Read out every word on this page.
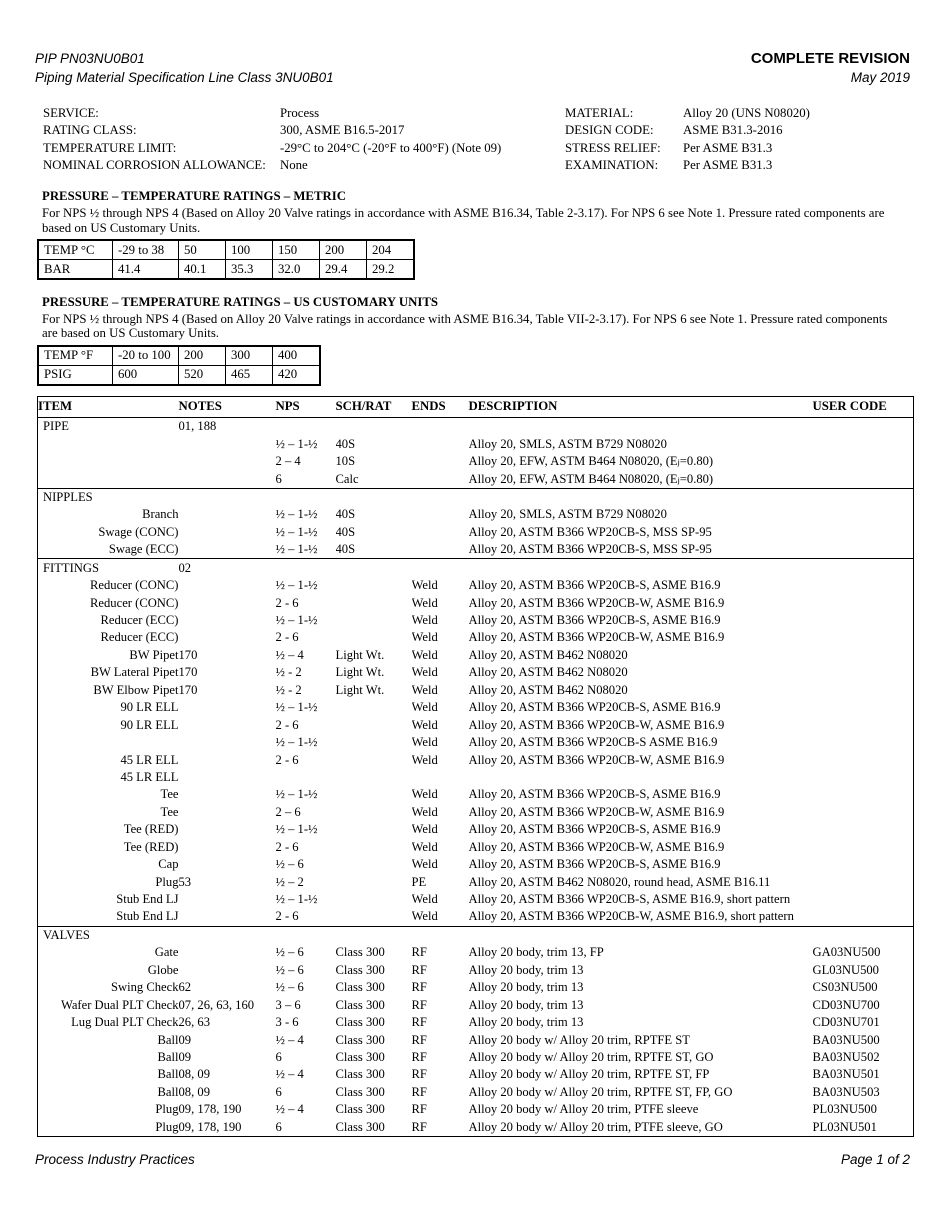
PIP PN03NU0B01
Piping Material Specification Line Class 3NU0B01
COMPLETE REVISION
May 2019
SERVICE:	Process	MATERIAL:	Alloy 20 (UNS N08020)
RATING CLASS:	300, ASME B16.5-2017	DESIGN CODE:	ASME B31.3-2016
TEMPERATURE LIMIT:	-29°C to 204°C (-20°F to 400°F) (Note 09)	STRESS RELIEF:	Per ASME B31.3
NOMINAL CORROSION ALLOWANCE:	None	EXAMINATION:	Per ASME B31.3
PRESSURE – TEMPERATURE RATINGS – METRIC

For NPS ½ through NPS 4 (Based on Alloy 20 Valve ratings in accordance with ASME B16.34, Table 2-3.17). For NPS 6 see Note 1. Pressure rated components are based on US Customary Units.

TEMP °C	-29 to 38	50	100	150	200	204
BAR	41.4	40.1	35.3	32.0	29.4	29.2
PRESSURE – TEMPERATURE RATINGS – US CUSTOMARY UNITS

For NPS ½ through NPS 4 (Based on Alloy 20 Valve ratings in accordance with ASME B16.34, Table VII-2-3.17). For NPS 6 see Note 1. Pressure rated components are based on US Customary Units.

TEMP °F	-20 to 100	200	300	400
PSIG	600	520	465	420
ITEM	NOTES	NPS	SCH/RAT	ENDS	DESCRIPTION	USER CODE
PIPE	01, 188					
		½ – 1-½	40S		Alloy 20, SMLS, ASTM B729 N08020	
		2 – 4	10S		Alloy 20, EFW, ASTM B464 N08020, (Eⱼ=0.80)	
		6	Calc		Alloy 20, EFW, ASTM B464 N08020, (Eⱼ=0.80)	
NIPPLES						
Branch		½ – 1-½	40S		Alloy 20, SMLS, ASTM B729 N08020	
Swage (CONC)		½ – 1-½	40S		Alloy 20, ASTM B366 WP20CB-S, MSS SP-95	
Swage (ECC)		½ – 1-½	40S		Alloy 20, ASTM B366 WP20CB-S, MSS SP-95	
FITTINGS	02					
Reducer (CONC)		½ – 1-½		Weld	Alloy 20, ASTM B366 WP20CB-S, ASME B16.9	
Reducer (CONC)		2 - 6		Weld	Alloy 20, ASTM B366 WP20CB-W, ASME B16.9	
Reducer (ECC)		½ – 1-½		Weld	Alloy 20, ASTM B366 WP20CB-S, ASME B16.9	
Reducer (ECC)		2 - 6		Weld	Alloy 20, ASTM B366 WP20CB-W, ASME B16.9	
BW Pipet	170	½ – 4	Light Wt.	Weld	Alloy 20, ASTM B462 N08020	
BW Lateral Pipet	170	½ - 2	Light Wt.	Weld	Alloy 20, ASTM B462 N08020	
BW Elbow Pipet	170	½ - 2	Light Wt.	Weld	Alloy 20, ASTM B462 N08020	
90 LR ELL		½ – 1-½		Weld	Alloy 20, ASTM B366 WP20CB-S, ASME B16.9	
90 LR ELL		2 - 6		Weld	Alloy 20, ASTM B366 WP20CB-W, ASME B16.9	
		½ – 1-½		Weld	Alloy 20, ASTM B366 WP20CB-S ASME B16.9	
45 LR ELL		2 - 6		Weld	Alloy 20, ASTM B366 WP20CB-W, ASME B16.9	
45 LR ELL						
Tee		½ – 1-½		Weld	Alloy 20, ASTM B366 WP20CB-S, ASME B16.9	
Tee		2 – 6		Weld	Alloy 20, ASTM B366 WP20CB-W, ASME B16.9	
Tee (RED)		½ – 1-½		Weld	Alloy 20, ASTM B366 WP20CB-S, ASME B16.9	
Tee (RED)		2 - 6		Weld	Alloy 20, ASTM B366 WP20CB-W, ASME B16.9	
Cap		½ – 6		Weld	Alloy 20, ASTM B366 WP20CB-S, ASME B16.9	
Plug	53	½ – 2		PE	Alloy 20, ASTM B462 N08020, round head, ASME B16.11	
Stub End LJ		½ – 1-½		Weld	Alloy 20, ASTM B366 WP20CB-S, ASME B16.9, short pattern	
Stub End LJ		2 - 6		Weld	Alloy 20, ASTM B366 WP20CB-W, ASME B16.9, short pattern	
VALVES						
Gate		½ – 6	Class 300	RF	Alloy 20 body, trim 13, FP	GA03NU500
Globe		½ – 6	Class 300	RF	Alloy 20 body, trim 13	GL03NU500
Swing Check	62	½ – 6	Class 300	RF	Alloy 20 body, trim 13	CS03NU500
Wafer Dual PLT Check	07, 26, 63, 160	3 – 6	Class 300	RF	Alloy 20 body, trim 13	CD03NU700
Lug Dual PLT Check	26, 63	3 - 6	Class 300	RF	Alloy 20 body, trim 13	CD03NU701
Ball	09	½ – 4	Class 300	RF	Alloy 20 body w/ Alloy 20 trim, RPTFE ST	BA03NU500
Ball	09	6	Class 300	RF	Alloy 20 body w/ Alloy 20 trim, RPTFE ST, GO	BA03NU502
Ball	08, 09	½ – 4	Class 300	RF	Alloy 20 body w/ Alloy 20 trim, RPTFE ST, FP	BA03NU501
Ball	08, 09	6	Class 300	RF	Alloy 20 body w/ Alloy 20 trim, RPTFE ST, FP, GO	BA03NU503
Plug	09, 178, 190	½ – 4	Class 300	RF	Alloy 20 body w/ Alloy 20 trim, PTFE sleeve	PL03NU500
Plug	09, 178, 190	6	Class 300	RF	Alloy 20 body w/ Alloy 20 trim, PTFE sleeve, GO	PL03NU501
Process Industry Practices	Page 1 of 2
